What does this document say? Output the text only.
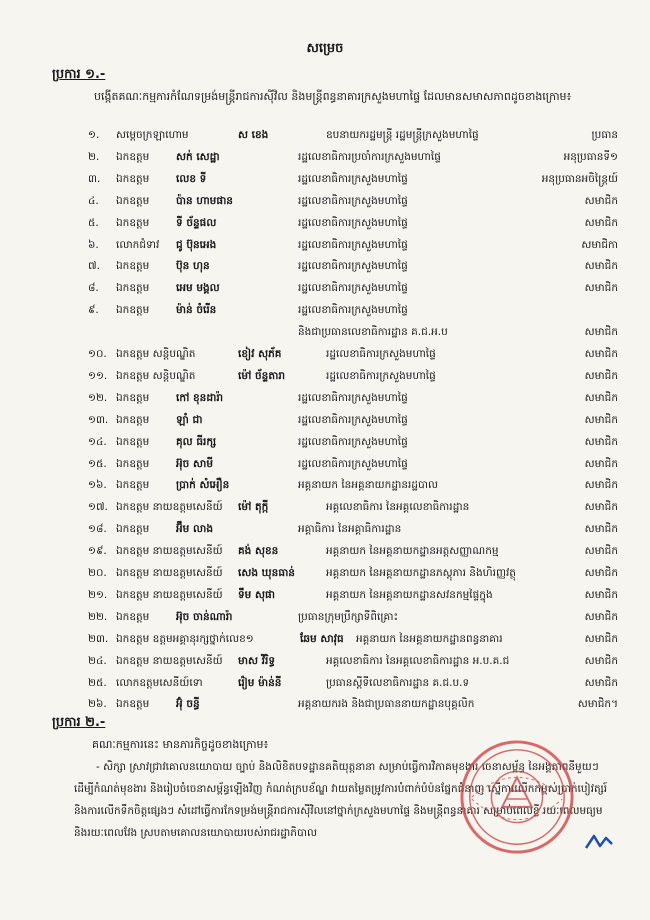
សម្រេច
ប្រការ ១.-
បង្កើតគណៈកម្មការកំណែទម្រង់មន្ត្រីរាជការស៊ីវិល និងមន្ត្រីពន្ធនាគារក្រសួងមហាផ្ទៃ ដែលមានសមាសភាពដូចខាងក្រោម៖
១.	សម្តេចក្រឡាហោម	ស ខេង	ឧបនាយករដ្ឋមន្ត្រី រដ្ឋមន្ត្រីក្រសួងមហាផ្ទៃ	ប្រធាន
២.	ឯកឧត្តម	សក់ សេដ្ឋា	រដ្ឋលេខាធិការប្រចាំការក្រសួងមហាផ្ទៃ	អនុប្រធានទី១
៣.	ឯកឧត្តម	លេខ ទី	រដ្ឋលេខាធិការក្រសួងមហាផ្ទៃ	អនុប្រធានអចិន្ត្រៃយ៍
៤.	ឯកឧត្តម	ប៉ាន ហាមផាន	រដ្ឋលេខាធិការក្រសួងមហាផ្ទៃ	សមាជិក
៥.	ឯកឧត្តម	ទី ច័ន្ទផល	រដ្ឋលេខាធិការក្រសួងមហាផ្ទៃ	សមាជិក
៦.	លោកជំទាវ ជូ ប៊ុនអេង	រដ្ឋលេខាធិការក្រសួងមហាផ្ទៃ	សមាជិកា
៧.	ឯកឧត្តម	ប៊ុន ហុន	រដ្ឋលេខាធិការក្រសួងមហាផ្ទៃ	សមាជិក
៨.	ឯកឧត្តម	អេម មង្គល	រដ្ឋលេខាធិការក្រសួងមហាផ្ទៃ	សមាជិក
៩.	ឯកឧត្តម	ម៉ាន់ ចំរើន	រដ្ឋលេខាធិការក្រសួងមហាផ្ទៃ
និងជាប្រធានលេខាធិការដ្ឋាន គ.ជ.អ.ប	សមាជិក
១០. ឯកឧត្តម សន្តិបណ្ឌិត	ខៀវ សុភ័គ	រដ្ឋលេខាធិការក្រសួងមហាផ្ទៃ	សមាជិក
១១. ឯកឧត្តម សន្តិបណ្ឌិត	ម៉ៅ ច័ន្ទតារា	រដ្ឋលេខាធិការក្រសួងមហាផ្ទៃ	សមាជិក
១២. ឯកឧត្តម	កៅ ខុនដារ៉ា	រដ្ឋលេខាធិការក្រសួងមហាផ្ទៃ	សមាជិក
១៣. ឯកឧត្តម	ឡាំ ជា	រដ្ឋលេខាធិការក្រសួងមហាផ្ទៃ	សមាជិក
១៤. ឯកឧត្តម	គុល ធីរក្ស	រដ្ឋលេខាធិការក្រសួងមហាផ្ទៃ	សមាជិក
១៥. ឯកឧត្តម	អ៊ុច សាមី	រដ្ឋលេខាធិការក្រសួងមហាផ្ទៃ	សមាជិក
១៦. ឯកឧត្តម	ប្រាក់ សំអឿន	អគ្គនាយក នៃអគ្គនាយកដ្ឋានរដ្ឋបាល	សមាជិក
១៧. ឯកឧត្តម នាយឧត្តមសេនីយ៍ ម៉ៅ តុក្កី	អគ្គលេខាធិការ នៃអគ្គលេខាធិការដ្ឋាន	សមាជិក
១៨. ឯកឧត្តម	អ៊ឹម លាង	អគ្គាធិការ នៃអគ្គាធិការដ្ឋាន	សមាជិក
១៩. ឯកឧត្តម នាយឧត្តមសេនីយ៍ គង់ សុខន	អគ្គនាយក នៃអគ្គនាយកដ្ឋានអត្តសញ្ញាណកម្ម	សមាជិក
២០. ឯកឧត្តម នាយឧត្តមសេនីយ៍ សេង ឃុនធាន់	អគ្គនាយក នៃអគ្គនាយកដ្ឋានភស្តុភារ និងហិរញ្ញវត្ថុ	សមាជិក
២១. ឯកឧត្តម នាយឧត្តមសេនីយ៍ ទឹម សុផា	អគ្គនាយក នៃអគ្គនាយកដ្ឋានសវនកម្មផ្ទៃក្នុង	សមាជិក
២២. ឯកឧត្តម	អ៊ុច ចាន់ណារ៉ា	ប្រធានក្រុមប្រឹក្សាទីពិគ្រោះ	សមាជិក
២៣. ឯកឧត្តម ឧត្តមអគ្គានុរក្សថ្នាក់លេខ១	ឆែម សាវុធ អគ្គនាយក នៃអគ្គនាយកដ្ឋានពន្ធនាគារ	សមាជិក
២៤. ឯកឧត្តម នាយឧត្តមសេនីយ៍ មាស វិរិទ្ធ	អគ្គលេខាធិការ នៃអគ្គលេខាធិការដ្ឋាន អ.ប.គ.ជ	សមាជិក
២៥. លោកឧត្តមសេនីយ៍ទោ	រ៉ៀម ម៉ាន់នី	ប្រធានស្តីទីលេខាធិការដ្ឋាន គ.ជ.ប.ទ	សមាជិក
២៦. ឯកឧត្តម	អ៊ុំ ចន្ធី	អគ្គនាយករង និងជាប្រធាននាយកដ្ឋានបុគ្គលិក	សមាជិក។
ប្រការ ២.-
គណៈកម្មការនេះ មានភារកិច្ចដូចខាងក្រោម៖
- សិក្សា ស្រាវជ្រាវគោលនយោបាយ ច្បាប់ និងលិខិតបទដ្ឋានគតិយុត្តនានា សម្រាប់ធ្វើការវិភាគមុខងារ ចេនាសម្ព័ន្ធ នៃអង្គភាពនីមួយៗ ដើម្បីកំណត់មុខងារ និងរៀបចំចេនាសម្ព័ន្ធឡើងវិញ កំណត់ក្របខ័ណ្ឌ វាយតម្លៃតម្រូវការបំពាក់បំប៉នផ្នែកជំនាញ ស្នើការលើកកម្ពស់ប្រាក់បៀវត្សរ៍ និងការលើកទឹកចិត្តផ្សេងៗ សំដៅធ្វើការកែទម្រង់មន្ត្រីរាជការស៊ីវិលនៅថ្នាក់ក្រសួងមហាផ្ទៃ និងមន្ត្រីពន្ធនាគារ សម្រាប់ពេលខ្លី រយៈពេលមធ្យម និងរយៈពេលវែង ស្របតាមគោលនយោបាយរបស់រាជរដ្ឋាភិបាល
